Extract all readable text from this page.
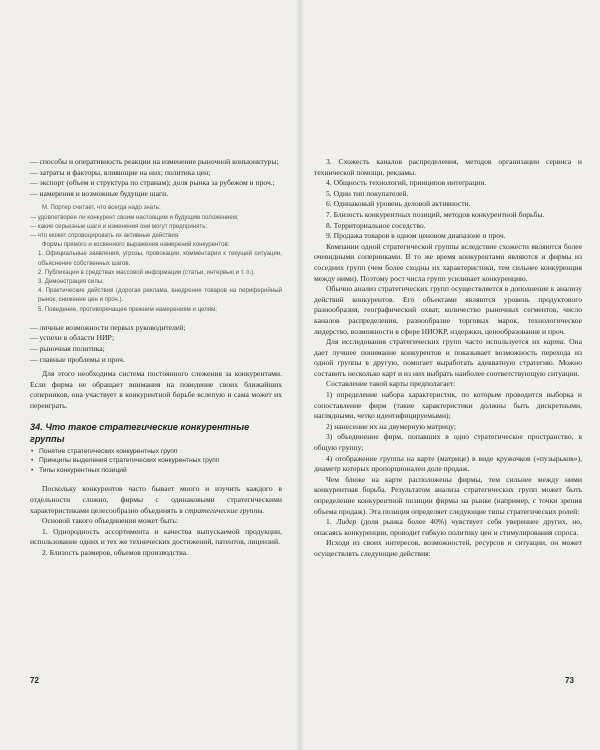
— способы и оперативность реакции на изменение рыночной конъюнктуры;

— затраты и факторы, влияющие на них; политика цен;

— экспорт (объем и структура по странам); доля рынка за рубежом и проч.;

— намерения и возможные будущие шаги.

М. Портер считает, что всегда надо знать:

— удовлетворен ли конкурент своим настоящим и будущим положением;

— какие серьезные шаги и изменения они могут предпринять;

— что может спровоцировать их активные действия.

Формы прямого и косвенного выражения намерений конкурентов:

1. Официальные заявления, угрозы, провокации, комментарии к текущей ситуации, объяснение собственных шагов.

2. Публикации в средствах массовой информации (статьи, интервью и т. п.).

3. Демонстрация силы.

4. Практические действия (дорогая реклама, внедрение товаров на периферийный рынок, снижение цен и проч.).

5. Поведение, противоречащее прежним намерениям и целям;

— личные возможности первых руководителей;

— успехи в области НИР;

— рыночная политика;

— главные проблемы и проч.

Для этого необходима система постоянного слежения за конкурентами. Если фирма не обращает внимания на поведение своих ближайших соперников, она участвует в конкурентной борьбе вслепую и сама может их переиграть.

34. Что такое стратегические конкурентные группы
• Понятие стратегических конкурентных групп
• Принципы выделения стратегических конкурентных групп
• Типы конкурентных позиций

Поскольку конкурентов часто бывает много и изучить каждого в отдельности сложно, фирмы с одинаковыми стратегическими характеристиками целесообразно объединять в стратегические группы.

Основой такого объединения может быть:

1. Однородность ассортимента и качества выпускаемой продукции, использование одних и тех же технических достижений, патентов, лицензий.

2. Близость размеров, объемов производства.

72

3. Схожесть каналов распределения, методов организации сервиса и технической помощи, рекламы.

4. Общность технологий, принципов интеграции.

5. Один тип покупателей.

6. Одинаковый уровень деловой активности.

7. Близость конкурентных позиций, методов конкурентной борьбы.

8. Территориальное соседство.

9. Продажа товаров в одном ценовом диапазоне и проч.

Компании одной стратегической группы вследствие схожести являются более очевидными соперниками. В то же время конкурентами являются и фирмы из соседних групп (чем более сходны их характеристики, тем сильнее конкуренция между ними). Поэтому рост числа групп усиливает конкуренцию.

Обычно анализ стратегических групп осуществляется в дополнение к анализу действий конкурентов. Его объектами являются уровень продуктового разнообразия, географический охват, количество рыночных сегментов, число каналов распределения, разнообразие торговых марок, технологическое лидерство, возможности в сфере НИОКР, издержки, ценообразование и проч.

Для исследования стратегических групп часто используется их карта. Она дает лучшее понимание конкурентов и показывает возможность перехода из одной группы в другую, помогает выработать адекватную стратегию. Можно составить несколько карт и из них выбрать наиболее соответствующую ситуации.

Составление такой карты предполагает:

1) определение набора характеристик, по которым проводится выборка и сопоставление фирм (такие характеристики должны быть дискретными, наглядными, четко идентифицируемыми);

2) нанесение их на двумерную матрицу;

3) объединение фирм, попавших в одно стратегическое пространство, в общую группу;

4) отображение группы на карте (матрице) в виде кружочков («пузырьков»), диаметр которых пропорционален доле продаж.

Чем ближе на карте расположены фирмы, тем сильнее между ними конкурентная борьба. Результатом анализа стратегических групп может быть определение конкурентной позиции фирмы на рынке (например, с точки зрения объема продаж). Эта позиция определяет следующие типы стратегических ролей:

1. Лидер (доля рынка более 40%) чувствует себя увереннее других, но, опасаясь конкуренции, проводит гибкую политику цен и стимулирования спроса.

Исходя из своих интересов, возможностей, ресурсов и ситуации, он может осуществлять следующие действия:

73
